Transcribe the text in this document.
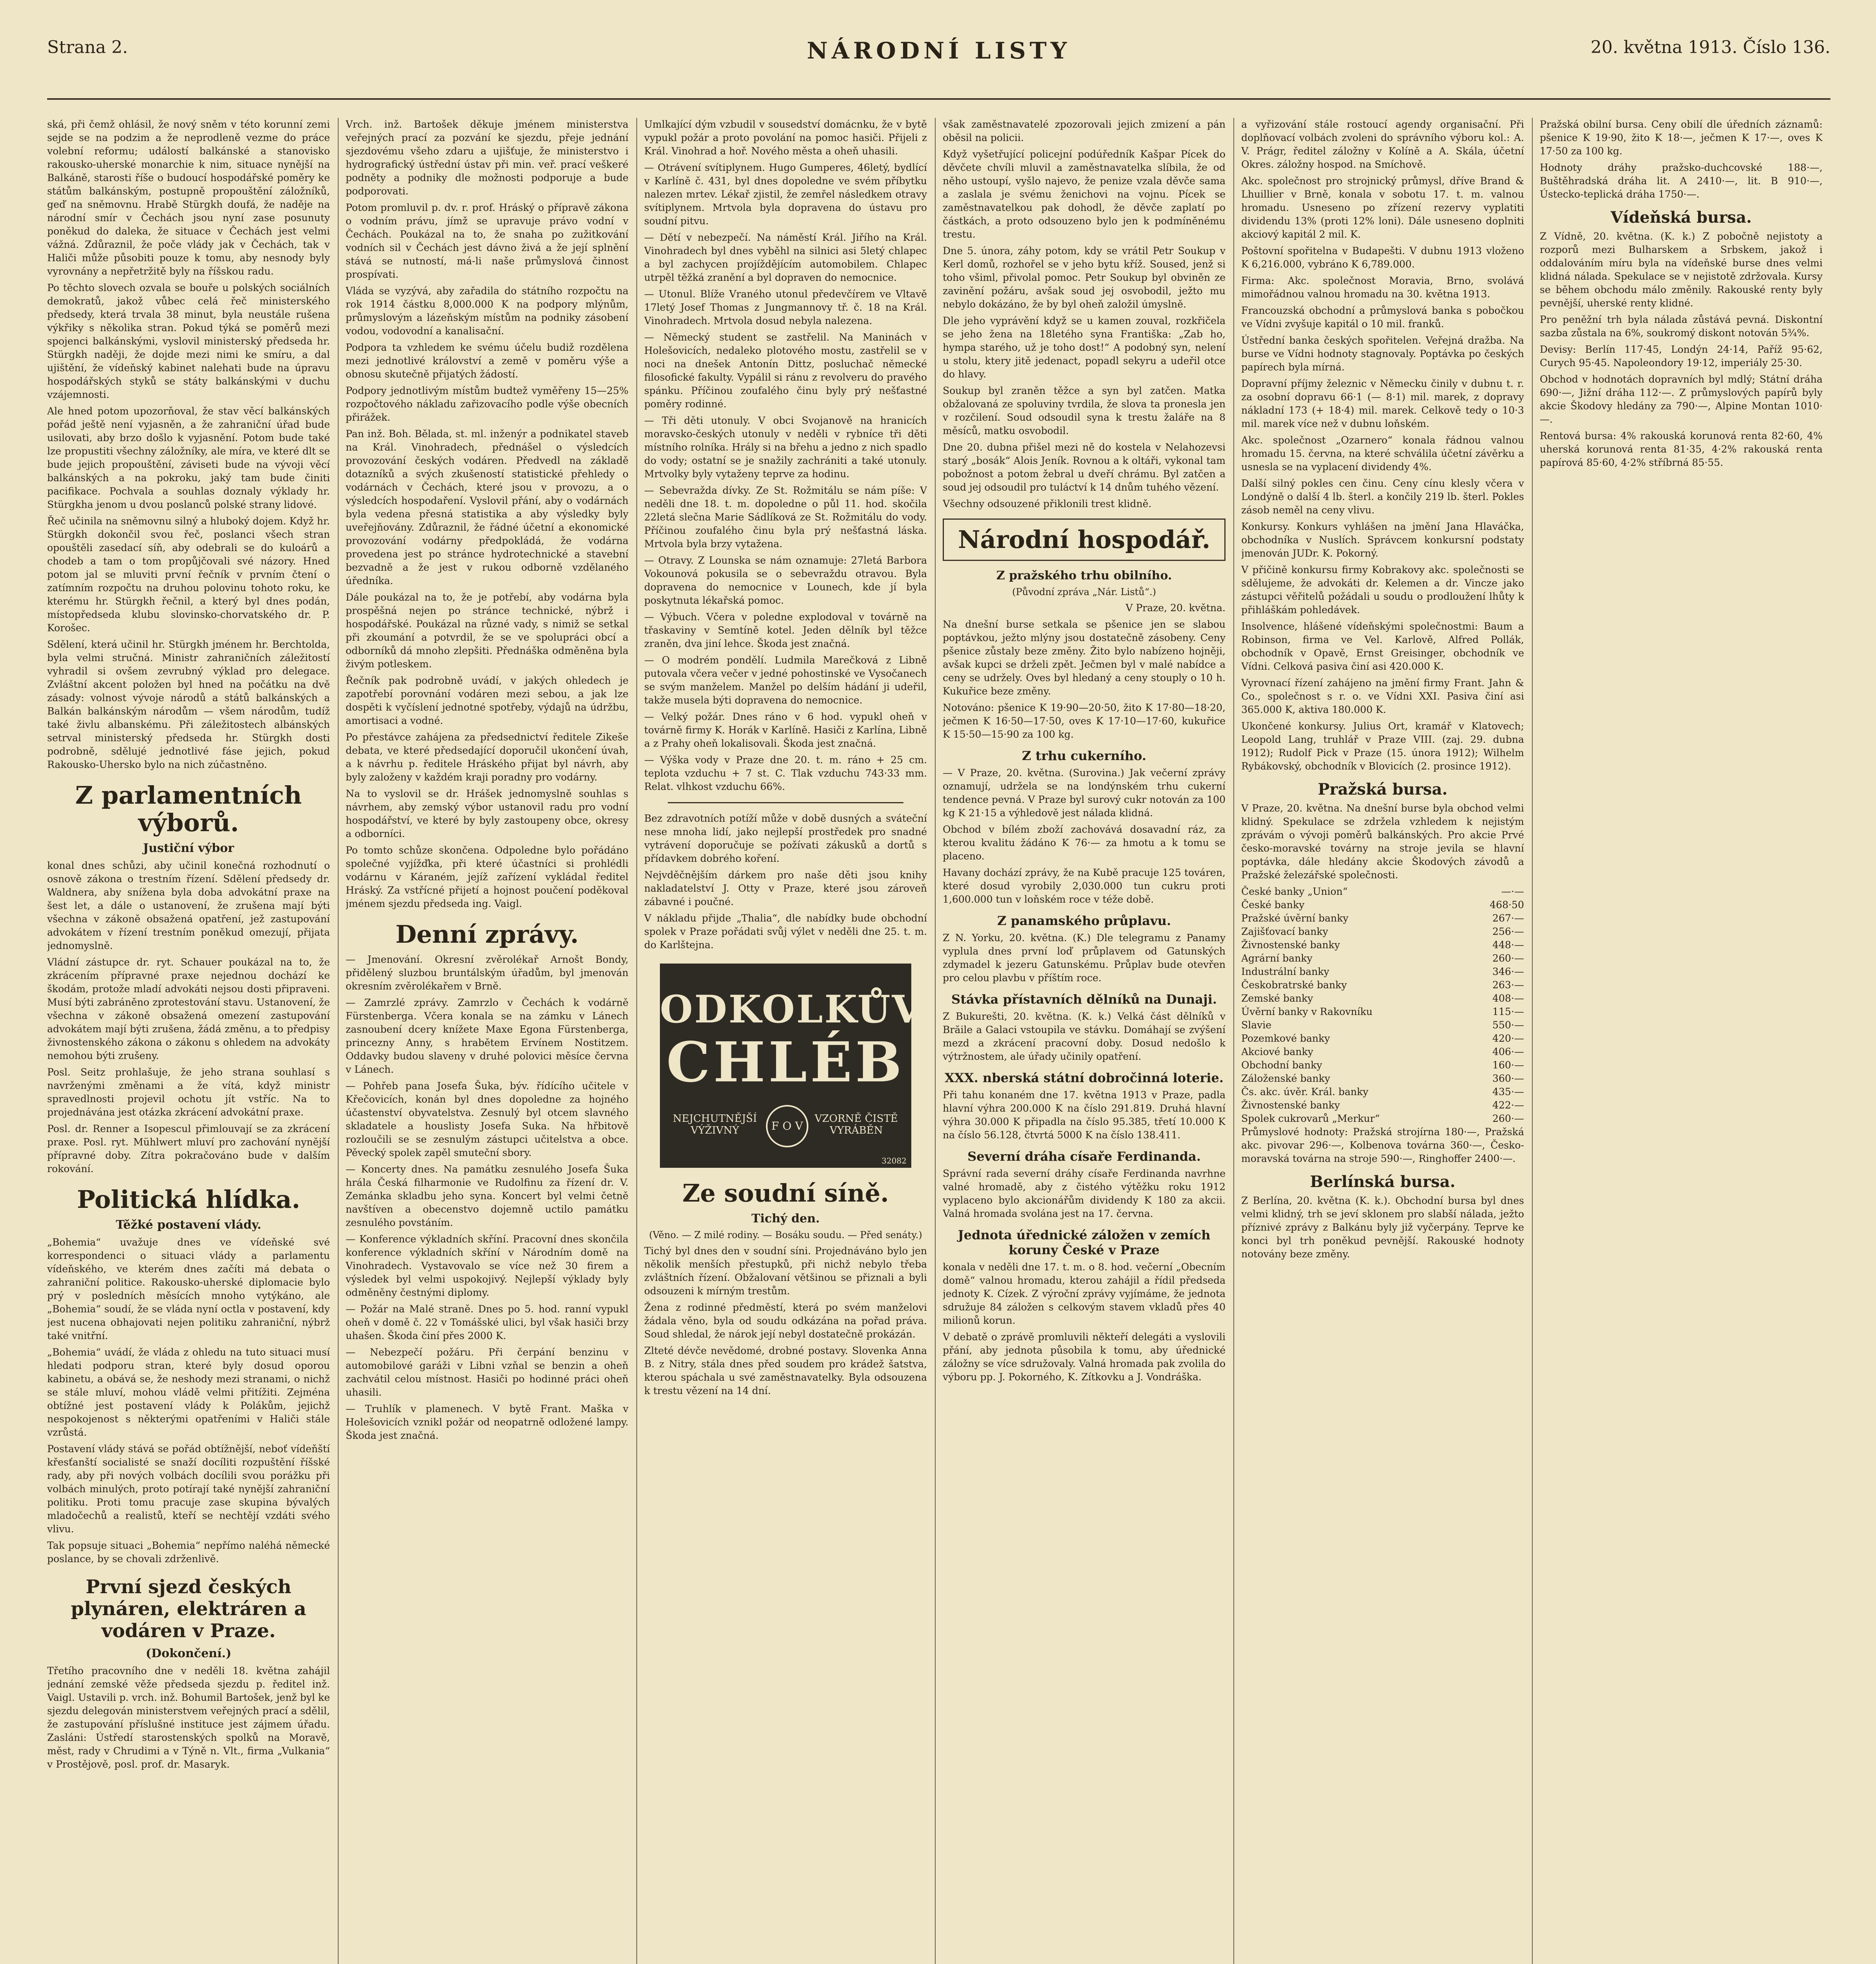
Strana 2.	NÁRODNÍ LISTY	20. května 1913. Číslo 136.

ská, při čemž ohlásil, že nový sněm v této korunní zemi sejde se na podzim a že neprodleně vezme do práce volební reformu; událostí balkánské a stanovisko rakousko-uherské monarchie k nim, situace nynější na Balkáně, starosti říše o budoucí hospodářské poměry ke státům balkánským, postupně propouštění záložníků, geď na sněmovnu. Hrabě Stürgkh doufá, že naděje na národní smír v Čechách jsou nyní zase posunuty poněkud do daleka, že situace v Čechách jest velmi vážná. Zdůraznil, že poče vlády jak v Čechách, tak v Haliči může působiti pouze k tomu, aby nesnody byly vyrovnány a nepřetržitě byly na říšskou radu.

Po těchto slovech ozvala se bouře u polských sociálních demokratů, jakož vůbec celá řeč ministerského předsedy, která trvala 38 minut, byla neustále rušena výkřiky s několika stran. Pokud týká se poměrů mezi spojenci balkánskými, vyslovil ministerský předseda hr. Stürgkh naději, že dojde mezi nimi ke smíru, a dal ujištění, že vídeňský kabinet nalehati bude na úpravu hospodářských styků se státy balkánskými v duchu vzájemnosti.

Ale hned potom upozorňoval, že stav věcí balkánských pořád ještě není vyjasněn, a že zahraniční úřad bude usilovati, aby brzo došlo k vyjasnění. Potom bude také lze propustiti všechny záložníky, ale míra, ve které dlt se bude jejich propouštění, záviseti bude na vývoji věcí balkánských a na pokroku, jaký tam bude činiti pacifikace. Pochvala a souhlas doznaly výklady hr. Stürgkha jenom u dvou poslanců polské strany lidové.

Řeč učinila na sněmovnu silný a hluboký dojem. Když hr. Stürgkh dokončil svou řeč, poslanci všech stran opouštěli zasedací síň, aby odebrali se do kuloárů a chodeb a tam o tom propůjčovali své názory. Hned potom jal se mluviti první řečník v prvním čtení o zatímním rozpočtu na druhou polovinu tohoto roku, ke kterému hr. Stürgkh řečnil, a který byl dnes podán, místopředseda klubu slovinsko-chorvatského dr. P. Korošec.

Sdělení, která učinil hr. Stürgkh jménem hr. Berchtolda, byla velmi stručná. Ministr zahraničních záležitostí vyhradil si ovšem zevrubný výklad pro delegace. Zvláštní akcent položen byl hned na počátku na dvě zásady: volnost vývoje národů a států balkánských a Balkán balkánským národům — všem národům, tudíž také živlu albanskému. Při záležitostech albánských setrval ministerský předseda hr. Stürgkh dosti podrobně, sdělujé jednotlivé fáse jejich, pokud Rakousko-Uhersko bylo na nich zúčastněno.

Z parlamentních výborů.
Justiční výbor

konal dnes schůzi, aby učinil konečná rozhodnutí o osnově zákona o trestním řízení. Sdělení předsedy dr. Waldnera, aby snížena byla doba advokátní praxe na šest let, a dále o ustanovení, že zrušena mají býti všechna v zákoně obsažená opatření, jež zastupování advokátem v řízení trestním poněkud omezují, přijata jednomyslně.

Vládní zástupce dr. ryt. Schauer poukázal na to, že zkrácením přípravné praxe nejednou dochází ke škodám, protože mladí advokáti nejsou dosti připraveni. Musí býti zabráněno zprotestování stavu. Ustanovení, že všechna v zákoně obsažená omezení zastupování advokátem mají býti zrušena, žádá změnu, a to předpisy živnostenského zákona o zákonu s ohledem na advokáty nemohou býti zrušeny.

Posl. Seitz prohlašuje, že jeho strana souhlasí s navrženými změnami a že vítá, když ministr spravedlnosti projevil ochotu jít vstříc. Na to projednávána jest otázka zkrácení advokátní praxe.

Posl. dr. Renner a Isopescul přimlouvají se za zkrácení praxe. Posl. ryt. Mühlwert mluví pro zachování nynější přípravné doby. Zítra pokračováno bude v dalším rokování.

Politická hlídka.
Těžké postavení vlády.

„Bohemia“ uvažuje dnes ve vídeňské své korrespondenci o situaci vlády a parlamentu vídeňského, ve kterém dnes začíti má debata o zahraniční politice. Rakousko-uherské diplomacie bylo prý v posledních měsících mnoho vytýkáno, ale „Bohemia“ soudí, že se vláda nyní octla v postavení, kdy jest nucena obhajovati nejen politiku zahraniční, nýbrž také vnitřní.

„Bohemia“ uvádí, že vláda z ohledu na tuto situaci musí hledati podporu stran, které byly dosud oporou kabinetu, a obává se, že neshody mezi stranami, o nichž se stále mluví, mohou vládě velmi přitížiti. Zejména obtížné jest postavení vlády k Polákům, jejichž nespokojenost s některými opatřeními v Haliči stále vzrůstá.

Postavení vlády stává se pořád obtížnější, neboť vídeňští křesťanští socialisté se snaží docíliti rozpuštění říšské rady, aby při nových volbách docílili svou porážku při volbách minulých, proto potírají také nynější zahraniční politiku. Proti tomu pracuje zase skupina bývalých mladočechů a realistů, kteří se nechtějí vzdáti svého vlivu.

Tak popsuje situaci „Bohemia“ nepřímo naléhá německé poslance, by se chovali zdrženlivě.

První sjezd českých plynáren, elektráren a vodáren v Praze.
(Dokončení.)

Třetího pracovního dne v neděli 18. května zahájil jednání zemské věže předseda sjezdu p. ředitel inž. Vaigl. Ustavili p. vrch. inž. Bohumil Bartošek, jenž byl ke sjezdu delegován ministerstvem veřejných prací a sdělil, že zastupování příslušné instituce jest zájmem úřadu. Zasláni: Ústředí starostenských spolků na Moravě, měst, rady v Chrudimi a v Týně n. Vlt., firma „Vulkania“ v Prostějově, posl. prof. dr. Masaryk.

Vrch. inž. Bartošek děkuje jménem ministerstva veřejných prací za pozvání ke sjezdu, přeje jednání sjezdovému všeho zdaru a ujišťuje, že ministerstvo i hydrografický ústřední ústav při min. veř. prací veškeré podněty a podniky dle možnosti podporuje a bude podporovati.

Potom promluvil p. dv. r. prof. Hráský o přípravě zákona o vodním právu, jímž se upravuje právo vodní v Čechách. Poukázal na to, že snaha po zužitkování vodních sil v Čechách jest dávno živá a že její splnění stává se nutností, má-li naše průmyslová činnost prospívati.

Vláda se vyzývá, aby zařadila do státního rozpočtu na rok 1914 částku 8,000.000 K na podpory mlýnům, průmyslovým a lázeňským místům na podniky zásobení vodou, vodovodní a kanalisační.

Podpora ta vzhledem ke svému účelu budiž rozdělena mezi jednotlivé království a země v poměru výše a obnosu skutečně přijatých žádostí.

Podpory jednotlivým místům budtež vyměřeny 15—25% rozpočtového nákladu zařizovacího podle výše obecních přirážek.

Pan inž. Boh. Bělada, st. ml. inženýr a podnikatel staveb na Král. Vinohradech, přednášel o výsledcích provozování českých vodáren. Předvedl na základě dotazníků a svých zkušeností statistické přehledy o vodárnách v Čechách, které jsou v provozu, a o výsledcích hospodaření. Vyslovil přání, aby o vodárnách byla vedena přesná statistika a aby výsledky byly uveřejňovány. Zdůraznil, že řádné účetní a ekonomické provozování vodárny předpokládá, že vodárna provedena jest po stránce hydrotechnické a stavební bezvadně a že jest v rukou odborně vzdělaného úředníka.

Dále poukázal na to, že je potřebí, aby vodárna byla prospěšná nejen po stránce technické, nýbrž i hospodářské. Poukázal na různé vady, s nimiž se setkal při zkoumání a potvrdil, že se ve spolupráci obcí a odborníků dá mnoho zlepšiti. Přednáška odměněna byla živým potleskem.

Řečník pak podrobně uvádí, v jakých ohledech je zapotřebí porovnání vodáren mezi sebou, a jak lze dospěti k vyčíslení jednotné spotřeby, výdajů na údržbu, amortisaci a vodné.

Po přestávce zahájena za předsednictví ředitele Zikeše debata, ve které předsedající doporučil ukončení úvah, a k návrhu p. ředitele Hráského přijat byl návrh, aby byly založeny v každém kraji poradny pro vodárny.

Na to vyslovil se dr. Hrášek jednomyslně souhlas s návrhem, aby zemský výbor ustanovil radu pro vodní hospodářství, ve které by byly zastoupeny obce, okresy a odborníci.

Po tomto schůze skončena. Odpoledne bylo pořádáno společné vyjížďka, při které účastníci si prohlédli vodárnu v Káraném, jejíž zařízení vykládal ředitel Hráský. Za vstřícné přijetí a hojnost poučení poděkoval jménem sjezdu předseda ing. Vaigl.

Denní zprávy.

— Jmenování. Okresní zvěrolékař Arnošt Bondy, přidělený sluzbou bruntálským úřadům, byl jmenován okresním zvěrolékařem v Brně.

— Zamrzlé zprávy. Zamrzlo v Čechách k vodárně Fürstenberga. Včera konala se na zámku v Lánech zasnoubení dcery knížete Maxe Egona Fürstenberga, princezny Anny, s hrabětem Ervínem Nostitzem. Oddavky budou slaveny v druhé polovici měsíce června v Lánech.

— Pohřeb pana Josefa Šuka, býv. řídícího učitele v Křečovicích, konán byl dnes dopoledne za hojného účastenství obyvatelstva. Zesnulý byl otcem slavného skladatele a houslisty Josefa Suka. Na hřbitově rozloučili se se zesnulým zástupci učitelstva a obce. Pěvecký spolek zapěl smuteční sbory.

— Koncerty dnes. Na památku zesnulého Josefa Šuka hrála Česká filharmonie ve Rudolfinu za řízení dr. V. Zemánka skladbu jeho syna. Koncert byl velmi četně navštíven a obecenstvo dojemně uctilo památku zesnulého povstáním.

— Konference výkladních skříní. Pracovní dnes skončila konference výkladních skříní v Národním domě na Vinohradech. Vystavovalo se více než 30 firem a výsledek byl velmi uspokojivý. Nejlepší výklady byly odměněny čestnými diplomy.

— Požár na Malé straně. Dnes po 5. hod. ranní vypukl oheň v domě č. 22 v Tomášské ulici, byl však hasiči brzy uhašen. Škoda činí přes 2000 K.

— Nebezpečí požáru. Při čerpání benzinu v automobilové garáži v Libni vzňal se benzin a oheň zachvátil celou místnost. Hasiči po hodinné práci oheň uhasili.

— Truhlík v plamenech. V bytě Frant. Maška v Holešovicích vznikl požár od neopatrně odložené lampy. Škoda jest značná.

Umlkající dým vzbudil v sousedství domácnku, že v bytě vypukl požár a proto povolání na pomoc hasiči. Přijeli z Král. Vinohrad a hoř. Nového města a oheň uhasili.

— Otrávení svítiplynem. Hugo Gumperes, 46letý, bydlící v Karlíně č. 431, byl dnes dopoledne ve svém příbytku nalezen mrtev. Lékař zjistil, že zemřel následkem otravy svítiplynem. Mrtvola byla dopravena do ústavu pro soudní pitvu.

— Dětí v nebezpečí. Na náměstí Král. Jiřího na Král. Vinohradech byl dnes vyběhl na silnici asi 5letý chlapec a byl zachycen projíždějícím automobilem. Chlapec utrpěl těžká zranění a byl dopraven do nemocnice.

— Utonul. Blíže Vraného utonul předevčírem ve Vltavě 17letý Josef Thomas z Jungmannovy tř. č. 18 na Král. Vinohradech. Mrtvola dosud nebyla nalezena.

— Německý student se zastřelil. Na Maninách v Holešovicích, nedaleko plotového mostu, zastřelil se v noci na dnešek Antonín Dittz, posluchač německé filosofické fakulty. Vypálil si ránu z revolveru do pravého spánku. Příčinou zoufalého činu byly prý nešťastné poměry rodinné.

— Tři děti utonuly. V obci Svojanově na hranicích moravsko-českých utonuly v neděli v rybníce tři děti místního rolníka. Hrály si na břehu a jedno z nich spadlo do vody; ostatní se je snažily zachrániti a také utonuly. Mrtvolky byly vytaženy teprve za hodinu.

— Sebevražda dívky. Ze St. Rožmitálu se nám píše: V neděli dne 18. t. m. dopoledne o půl 11. hod. skočila 22letá slečna Marie Sádlíková ze St. Rožmitálu do vody. Příčinou zoufalého činu byla prý nešťastná láska. Mrtvola byla brzy vytažena.

— Otravy. Z Lounska se nám oznamuje: 27letá Barbora Vokounová pokusila se o sebevraždu otravou. Byla dopravena do nemocnice v Lounech, kde jí byla poskytnuta lékařská pomoc.

— Výbuch. Včera v poledne explodoval v továrně na třaskaviny v Semtíně kotel. Jeden dělník byl těžce zraněn, dva jiní lehce. Škoda jest značná.

— O modrém pondělí. Ludmila Marečková z Libně putovala včera večer v jedné pohostinské ve Vysočanech se svým manželem. Manžel po delším hádání ji udeřil, takže musela býti dopravena do nemocnice.

— Velký požár. Dnes ráno v 6 hod. vypukl oheň v továrně firmy K. Horák v Karlíně. Hasiči z Karlína, Libně a z Prahy oheň lokalisovali. Škoda jest značná.

— Výška vody v Praze dne 20. t. m. ráno + 25 cm. teplota vzduchu + 7 st. C. Tlak vzduchu 743·33 mm. Relat. vlhkost vzduchu 66%.

Bez zdravotních potíží může v době dusných a sváteční nese mnoha lidí, jako nejlepší prostředek pro snadné vytrávení doporučuje se požívati zákusků a dortů s přídavkem dobrého koření.

Nejvděčnějším dárkem pro naše děti jsou knihy nakladatelství J. Otty v Praze, které jsou zároveň zábavné i poučné.

V nákladu přijde „Thalia“, dle nabídky bude obchodní spolek v Praze pořádati svůj výlet v neděli dne 25. t. m. do Karlštejna.

ODKOLKŮV
CHLÉB
NEJCHUTNĚJŠÍ VÝŽIVNÝ	F O V
VZORNĚ ČISTĚ VYRÁBĚN
32082
Ze soudní síně.
Tichý den.

(Věno. — Z milé rodiny. — Bosáku soudu. — Před senáty.)

Tichý byl dnes den v soudní síni. Projednáváno bylo jen několik menších přestupků, při nichž nebylo třeba zvláštních řízení. Obžalovaní většinou se přiznali a byli odsouzeni k mírným trestům.

Žena z rodinné předměstí, která po svém manželovi žádala věno, byla od soudu odkázána na pořad práva. Soud shledal, že nárok její nebyl dostatečně prokázán.

Zlteté dévče nevědomé, drobné postavy. Slovenka Anna B. z Nitry, stála dnes před soudem pro krádež šatstva, kterou spáchala u své zaměstnavatelky. Byla odsouzena k trestu vězení na 14 dní.

však zaměstnavatelé zpozorovali jejich zmizení a pán oběsil na policii.

Když vyšetřující policejní podúředník Kašpar Pícek do děvčete chvíli mluvil a zaměstnavatelka slíbila, že od něho ustoupí, vyšlo najevo, že penize vzala děvče sama a zaslala je svému ženichovi na vojnu. Pícek se zaměstnavatelkou pak dohodl, že děvče zaplatí po částkách, a proto odsouzeno bylo jen k podmíněnému trestu.

Dne 5. února, záhy potom, kdy se vrátil Petr Soukup v Kerl domů, rozhořel se v jeho bytu kříž. Soused, jenž si toho všiml, přivolal pomoc. Petr Soukup byl obviněn ze zavinění požáru, avšak soud jej osvobodil, ježto mu nebylo dokázáno, že by byl oheň založil úmyslně.

Dle jeho vyprávění když se u kamen zouval, rozkřičela se jeho žena na 18letého syna Františka: „Zab ho, hympa starého, už je toho dost!“ A podobný syn, nelení u stolu, ktery jitě jedenact, popadl sekyru a udeřil otce do hlavy.

Soukup byl zraněn těžce a syn byl zatčen. Matka obžalovaná ze spoluviny tvrdila, že slova ta pronesla jen v rozčilení. Soud odsoudil syna k trestu žaláře na 8 měsíců, matku osvobodil.

Dne 20. dubna přišel mezi ně do kostela v Nelahozevsi starý „bosák“ Alois Jeník. Rovnou a k oltáři, vykonal tam pobožnost a potom žebral u dveří chrámu. Byl zatčen a soud jej odsoudil pro tuláctví k 14 dnům tuhého vězení.

Všechny odsouzené přiklonili trest klidně.

Národní hospodář.
Z pražského trhu obilního.

(Původní zpráva „Nár. Listů“.)

V Praze, 20. května.

Na dnešní burse setkala se pšenice jen se slabou poptávkou, ježto mlýny jsou dostatečně zásobeny. Ceny pšenice zůstaly beze změny. Žito bylo nabízeno hojněji, avšak kupci se drželi zpět. Ječmen byl v malé nabídce a ceny se udržely. Oves byl hledaný a ceny stouply o 10 h. Kukuřice beze změny.

Notováno: pšenice K 19·90—20·50, žito K 17·80—18·20, ječmen K 16·50—17·50, oves K 17·10—17·60, kukuřice K 15·50—15·90 za 100 kg.

Z trhu cukerního.

— V Praze, 20. května. (Surovina.) Jak večerní zprávy oznamují, udržela se na londýnském trhu cukerní tendence pevná. V Praze byl surový cukr notován za 100 kg K 21·15 a výhledově jest nálada klidná.

Obchod v bílém zboží zachovává dosavadní ráz, za kterou kvalitu žádáno K 76·— za hmotu a k tomu se placeno.

Havany dochází zprávy, že na Kubě pracuje 125 továren, které dosud vyrobily 2,030.000 tun cukru proti 1,600.000 tun v loňském roce v téže době.

Z panamského průplavu.

Z N. Yorku, 20. května. (K.) Dle telegramu z Panamy vyplula dnes první loď průplavem od Gatunských zdymadel k jezeru Gatunskému. Průplav bude otevřen pro celou plavbu v příštím roce.

Stávka přístavních dělníků na Dunaji.

Z Bukurešti, 20. května. (K. k.) Velká část dělníků v Brăile a Galaci vstoupila ve stávku. Domáhají se zvýšení mezd a zkrácení pracovní doby. Dosud nedošlo k výtržnostem, ale úřady učinily opatření.

XXX. nberská státní dobročinná loterie.

Při tahu konaném dne 17. května 1913 v Praze, padla hlavní výhra 200.000 K na číslo 291.819. Druhá hlavní výhra 30.000 K připadla na číslo 95.385, třetí 10.000 K na číslo 56.128, čtvrtá 5000 K na číslo 138.411.

Severní dráha císaře Ferdinanda.

Správní rada severní dráhy císaře Ferdinanda navrhne valné hromadě, aby z čistého výtěžku roku 1912 vyplaceno bylo akcionářům dividendy K 180 za akcii. Valná hromada svolána jest na 17. června.

Jednota úřednické záložen v zemích koruny České v Praze

konala v neděli dne 17. t. m. o 8. hod. večerní „Obecním domě“ valnou hromadu, kterou zahájil a řídil předseda jednoty K. Cízek. Z výroční zprávy vyjímáme, že jednota sdružuje 84 záložen s celkovým stavem vkladů přes 40 milionů korun.

V debatě o zprávě promluvili někteří delegáti a vyslovili přání, aby jednota působila k tomu, aby úřednické záložny se více sdružovaly. Valná hromada pak zvolila do výboru pp. J. Pokorného, K. Zítkovku a J. Vondráška.

a vyřizování stále rostoucí agendy organisační. Při doplňovací volbách zvoleni do správního výboru kol.: A. V. Prágr, ředitel záložny v Kolíně a A. Skála, účetní Okres. záložny hospod. na Smíchově.

Akc. společnost pro strojnický průmysl, dříve Brand & Lhuillier v Brně, konala v sobotu 17. t. m. valnou hromadu. Usneseno po zřízení rezervy vyplatiti dividendu 13% (proti 12% loni). Dále usneseno doplniti akciový kapitál 2 mil. K.

Poštovní spořitelna v Budapešti. V dubnu 1913 vloženo K 6,216.000, vybráno K 6,789.000.

Firma: Akc. společnost Moravia, Brno, svolává mimořádnou valnou hromadu na 30. května 1913.

Francouzská obchodní a průmyslová banka s pobočkou ve Vídni zvyšuje kapitál o 10 mil. franků.

Ústřední banka českých spořitelen. Veřejná dražba. Na burse ve Vídni hodnoty stagnovaly. Poptávka po českých papírech byla mírná.

Dopravní příjmy železnic v Německu činily v dubnu t. r. za osobní dopravu 66·1 (— 8·1) mil. marek, z dopravy nákladní 173 (+ 18·4) mil. marek. Celkově tedy o 10·3 mil. marek více než v dubnu loňském.

Akc. společnost „Ozarnero“ konala řádnou valnou hromadu 15. června, na které schválila účetní závěrku a usnesla se na vyplacení dividendy 4%.

Další silný pokles cen činu. Ceny cínu klesly včera v Londýně o další 4 lb. šterl. a končily 219 lb. šterl. Pokles zásob neměl na ceny vlivu.

Konkursy. Konkurs vyhlášen na jmění Jana Hlaváčka, obchodníka v Nuslích. Správcem konkursní podstaty jmenován JUDr. K. Pokorný.

V přičině konkursu firmy Kobrakovy akc. společnosti se sdělujeme, že advokáti dr. Kelemen a dr. Vincze jako zástupci věřitelů požádali u soudu o prodloužení lhůty k přihláškám pohledávek.

Insolvence, hlášené vídeňskými společnostmi: Baum a Robinson, firma ve Vel. Karlově, Alfred Pollák, obchodník v Opavě, Ernst Greisinger, obchodník ve Vídni. Celková pasiva činí asi 420.000 K.

Vyrovnací řízení zahájeno na jmění firmy Frant. Jahn & Co., společnost s r. o. ve Vídni XXI. Pasiva činí asi 365.000 K, aktiva 180.000 K.

Ukončené konkursy. Julius Ort, kramář v Klatovech; Leopold Lang, truhlář v Praze VIII. (zaj. 29. dubna 1912); Rudolf Pick v Praze (15. února 1912); Wilhelm Rybákovský, obchodník v Blovicích (2. prosince 1912).

Pražská bursa.

V Praze, 20. května. Na dnešní burse byla obchod velmi klidný. Spekulace se zdržela vzhledem k nejistým zprávám o vývoji poměrů balkánských. Pro akcie Prvé česko-moravské továrny na stroje jevila se hlavní poptávka, dále hledány akcie Škodových závodů a Pražské železářské společnosti.

České banky „Union“	—·—
České banky	468·50
Pražské úvěrní banky	267·—
Zajišťovací banky	256·—
Živnostenské banky	448·—
Agrární banky	260·—
Industrální banky	346·—
Českobratrské banky	263·—
Zemské banky	408·—
Úvěrní banky v Rakovníku	115·—
Slavie	550·—
Pozemkové banky	420·—
Akciové banky	406·—
Obchodní banky	160·—
Záloženské banky	360·—
Čs. akc. úvěr. Král. banky	435·—
Živnostenské banky	422·—
Spolek cukrovarů „Merkur“	260·—

Průmyslové hodnoty: Pražská strojírna 180·—, Pražská akc. pivovar 296·—, Kolbenova továrna 360·—, Česko-moravská továrna na stroje 590·—, Ringhoffer 2400·—.

Berlínská bursa.

Z Berlína, 20. května (K. k.). Obchodní bursa byl dnes velmi klidný, trh se jeví sklonem pro slabší nálada, ježto příznivé zprávy z Balkánu byly již vyčerpány. Teprve ke konci byl trh poněkud pevnější. Rakouské hodnoty notovány beze změny.

Pražská obilní bursa. Ceny obilí dle úředních záznamů: pšenice K 19·90, žito K 18·—, ječmen K 17·—, oves K 17·50 za 100 kg.

Hodnoty dráhy pražsko-duchcovské 188·—, Buštěhradská dráha lit. A 2410·—, lit. B 910·—, Ústecko-teplická dráha 1750·—.

Vídeňská bursa.

Z Vídně, 20. května. (K. k.) Z pobočně nejistoty a rozporů mezi Bulharskem a Srbskem, jakož i oddalováním míru byla na vídeňské burse dnes velmi klidná nálada. Spekulace se v nejistotě zdržovala. Kursy se během obchodu málo změnily. Rakouské renty byly pevnější, uherské renty klidné.

Pro peněžní trh byla nálada zůstává pevná. Diskontní sazba zůstala na 6%, soukromý diskont notován 5¾%.

Devisy: Berlín 117·45, Londýn 24·14, Paříž 95·62, Curych 95·45. Napoleondory 19·12, imperiály 25·30.

Obchod v hodnotách dopravních byl mdlý; Státní dráha 690·—, Jižní dráha 112·—. Z průmyslových papírů byly akcie Škodovy hledány za 790·—, Alpine Montan 1010·—.

Rentová bursa: 4% rakouská korunová renta 82·60, 4% uherská korunová renta 81·35, 4·2% rakouská renta papírová 85·60, 4·2% stříbrná 85·55.
